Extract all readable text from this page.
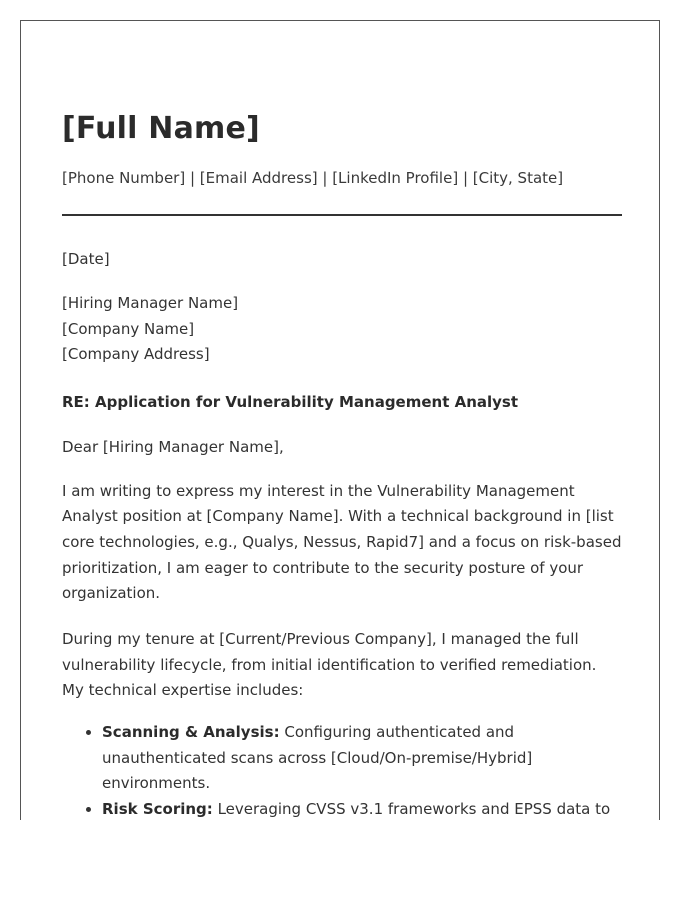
[Full Name]
[Phone Number] | [Email Address] | [LinkedIn Profile] | [City, State]
[Date]
[Hiring Manager Name]
[Company Name]
[Company Address]
RE: Application for Vulnerability Management Analyst
Dear [Hiring Manager Name],
I am writing to express my interest in the Vulnerability Management Analyst position at [Company Name]. With a technical background in [list core technologies, e.g., Qualys, Nessus, Rapid7] and a focus on risk-based prioritization, I am eager to contribute to the security posture of your organization.
During my tenure at [Current/Previous Company], I managed the full vulnerability lifecycle, from initial identification to verified remediation. My technical expertise includes:
• Scanning & Analysis: Configuring authenticated and unauthenticated scans across [Cloud/On-premise/Hybrid] environments.
• Risk Scoring: Leveraging CVSS v3.1 frameworks and EPSS data to
